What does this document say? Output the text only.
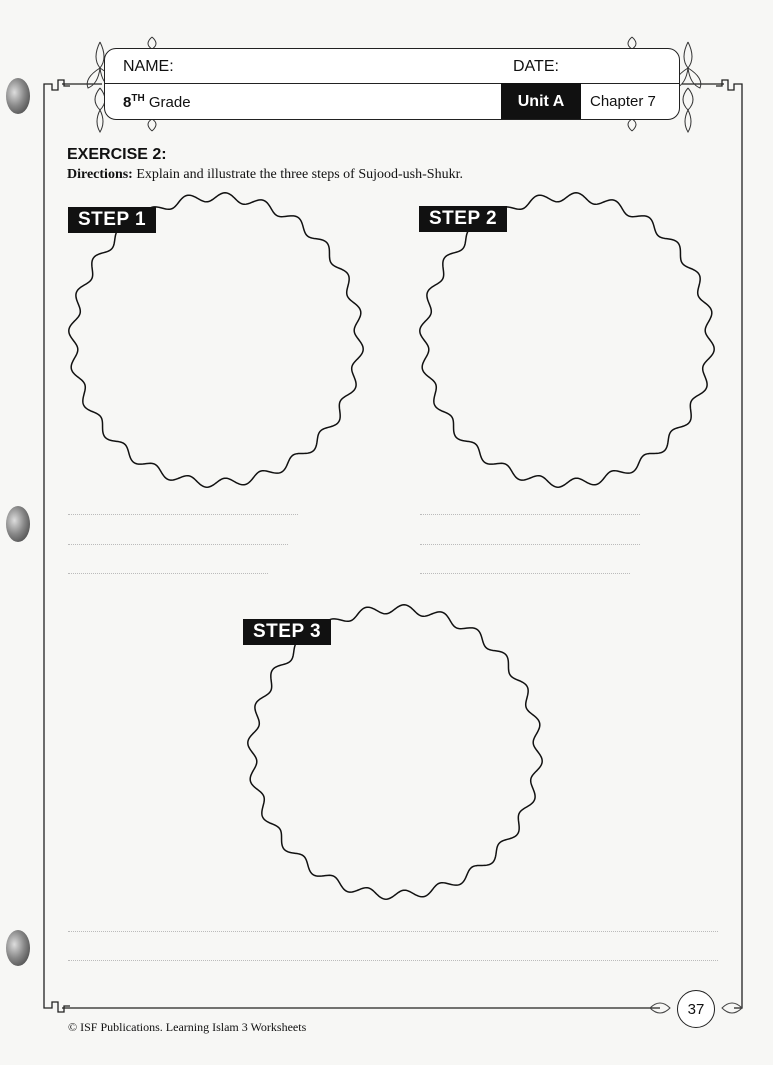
NAME:	DATE:
8TH Grade	Unit A	Chapter 7
EXERCISE 2:
Directions: Explain and illustrate the three steps of Sujood-ush-Shukr.
STEP 1	STEP 2
STEP 3
37
© ISF Publications. Learning Islam 3 Worksheets
